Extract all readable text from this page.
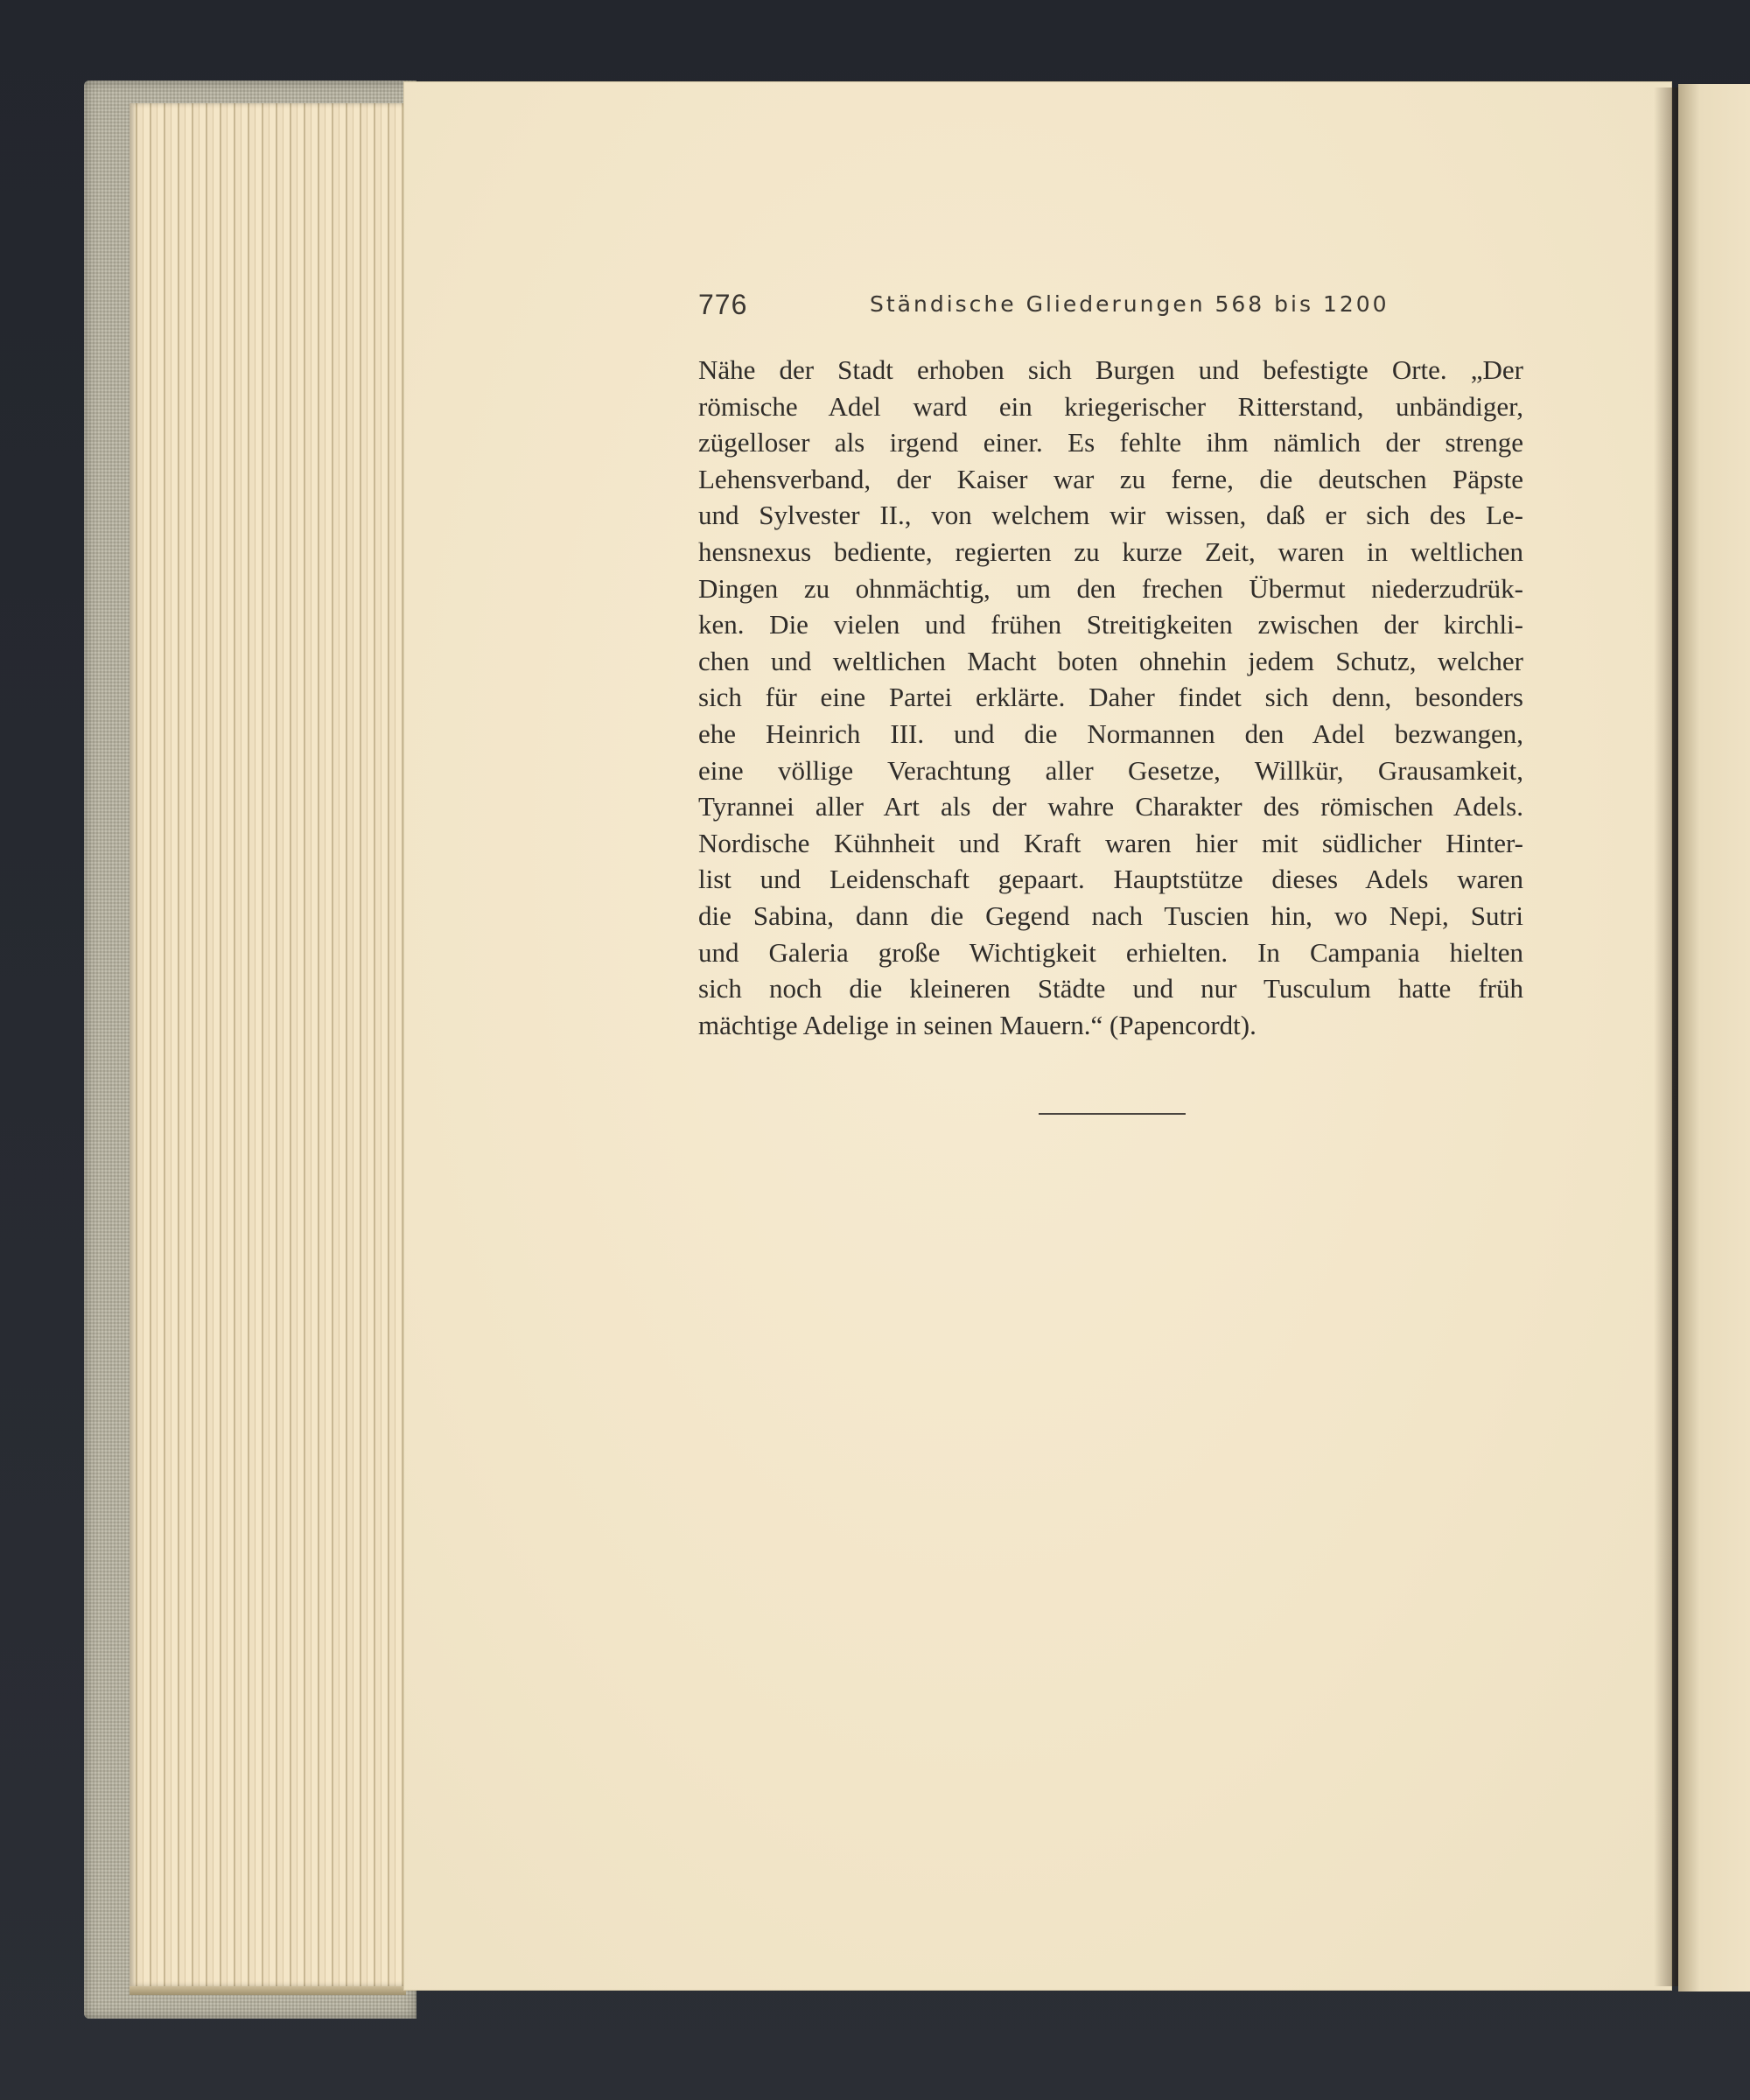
776	Ständische Gliederungen 568 bis 1200
Nähe der Stadt erhoben sich Burgen und befestigte Orte. „Der
römische Adel ward ein kriegerischer Ritterstand, unbändiger,
zügelloser als irgend einer. Es fehlte ihm nämlich der strenge
Lehensverband, der Kaiser war zu ferne, die deutschen Päpste
und Sylvester II., von welchem wir wissen, daß er sich des Le-
hensnexus bediente, regierten zu kurze Zeit, waren in weltlichen
Dingen zu ohnmächtig, um den frechen Übermut niederzudrük-
ken. Die vielen und frühen Streitigkeiten zwischen der kirchli-
chen und weltlichen Macht boten ohnehin jedem Schutz, welcher
sich für eine Partei erklärte. Daher findet sich denn, besonders
ehe Heinrich III. und die Normannen den Adel bezwangen,
eine völlige Verachtung aller Gesetze, Willkür, Grausamkeit,
Tyrannei aller Art als der wahre Charakter des römischen Adels.
Nordische Kühnheit und Kraft waren hier mit südlicher Hinter-
list und Leidenschaft gepaart. Hauptstütze dieses Adels waren
die Sabina, dann die Gegend nach Tuscien hin, wo Nepi, Sutri
und Galeria große Wichtigkeit erhielten. In Campania hielten
sich noch die kleineren Städte und nur Tusculum hatte früh
mächtige Adelige in seinen Mauern.“ (Papencordt).
